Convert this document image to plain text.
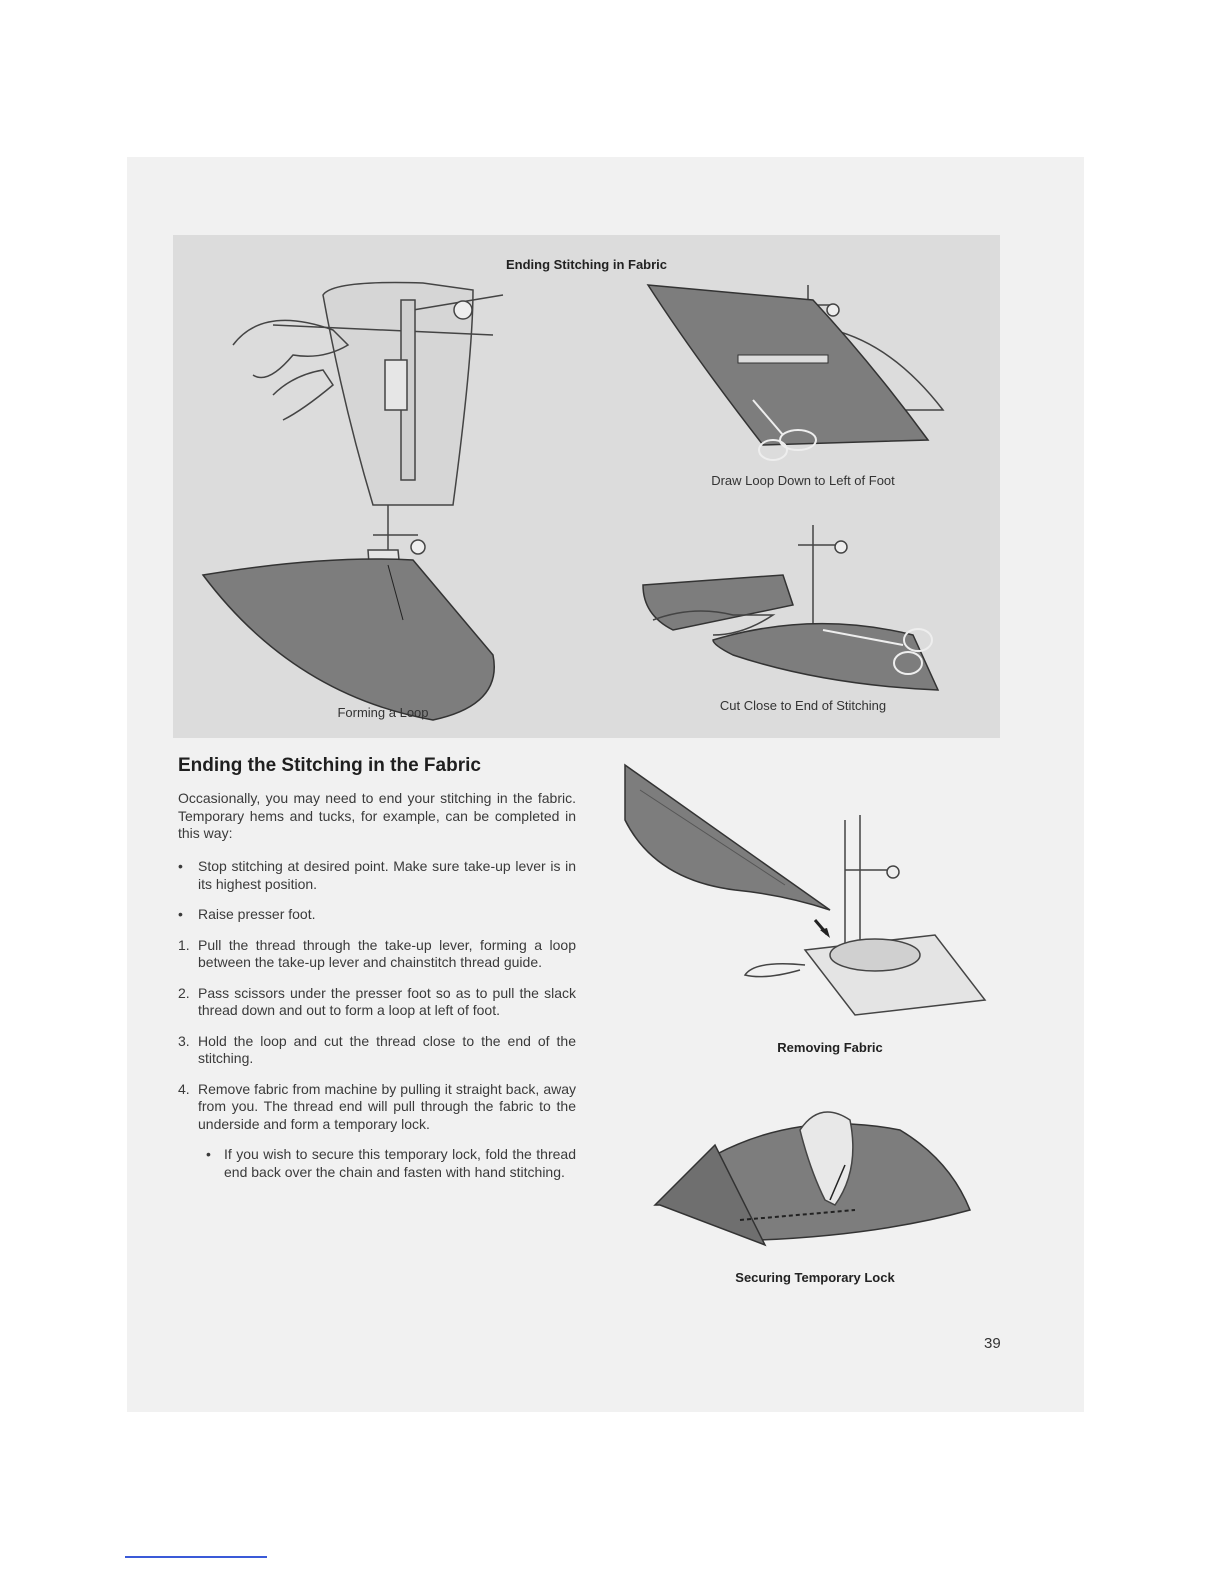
Ending Stitching in Fabric
Draw Loop Down to Left of Foot
Cut Close to End of Stitching
Forming a Loop
Ending the Stitching in the Fabric
Occasionally, you may need to end your stitching in the fabric. Temporary hems and tucks, for example, can be completed in this way:
• Stop stitching at desired point. Make sure take-up lever is in its highest position.
• Raise presser foot.
1. Pull the thread through the take-up lever, forming a loop between the take-up lever and chainstitch thread guide.
2. Pass scissors under the presser foot so as to pull the slack thread down and out to form a loop at left of foot.
3. Hold the loop and cut the thread close to the end of the stitching.
4. Remove fabric from machine by pulling it straight back, away from you. The thread end will pull through the fabric to the underside and form a temporary lock.
• If you wish to secure this temporary lock, fold the thread end back over the chain and fasten with hand stitching.
Removing Fabric
Securing Temporary Lock
39
